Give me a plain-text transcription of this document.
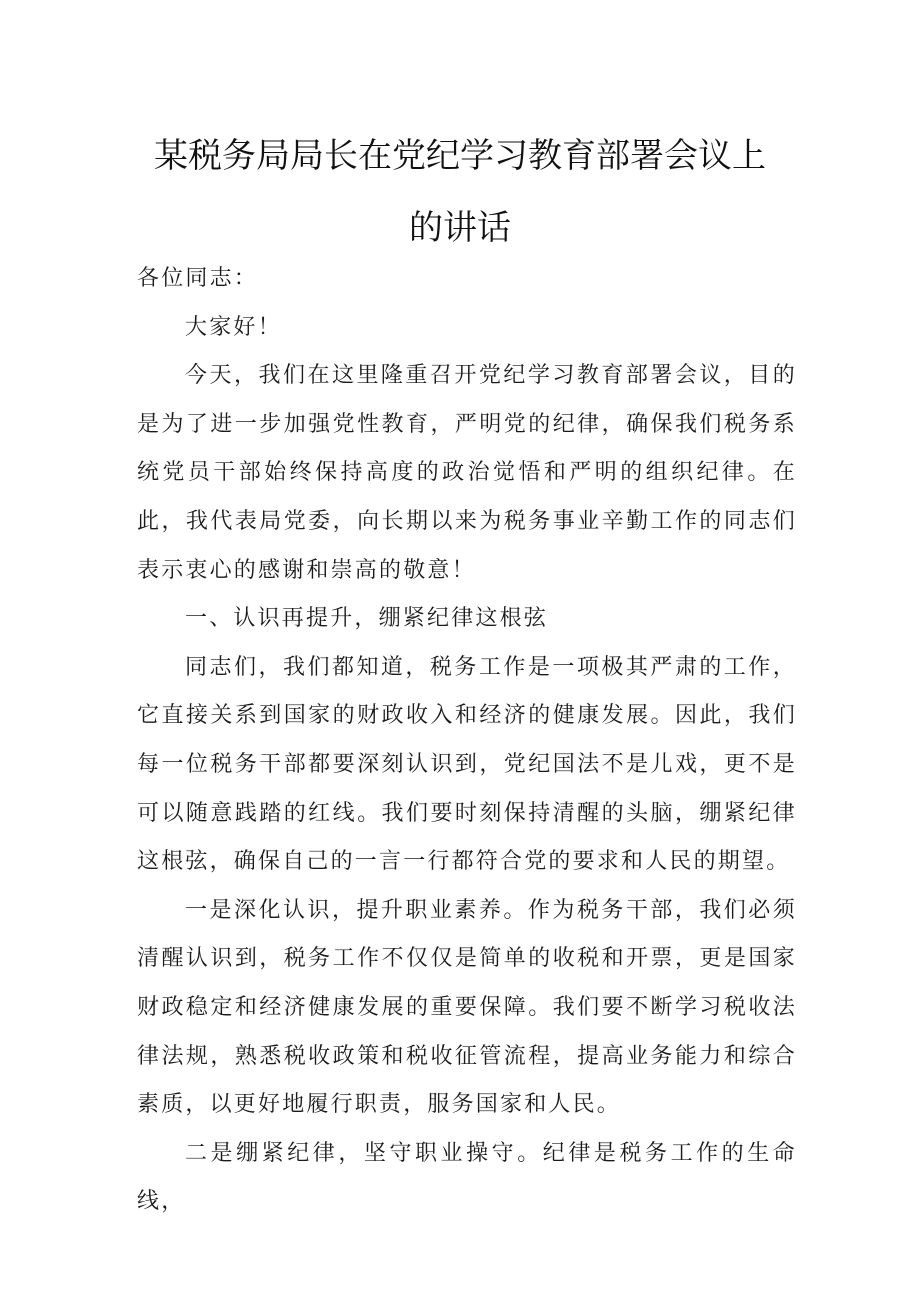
某税务局局长在党纪学习教育部署会议上
的讲话

各位同志：

大家好！

今天，我们在这里隆重召开党纪学习教育部署会议，目的是为了进一步加强党性教育，严明党的纪律，确保我们税务系统党员干部始终保持高度的政治觉悟和严明的组织纪律。在此，我代表局党委，向长期以来为税务事业辛勤工作的同志们表示衷心的感谢和崇高的敬意！

一、认识再提升，绷紧纪律这根弦

同志们，我们都知道，税务工作是一项极其严肃的工作，它直接关系到国家的财政收入和经济的健康发展。因此，我们每一位税务干部都要深刻认识到，党纪国法不是儿戏，更不是可以随意践踏的红线。我们要时刻保持清醒的头脑，绷紧纪律这根弦，确保自己的一言一行都符合党的要求和人民的期望。

一是深化认识，提升职业素养。作为税务干部，我们必须清醒认识到，税务工作不仅仅是简单的收税和开票，更是国家财政稳定和经济健康发展的重要保障。我们要不断学习税收法律法规，熟悉税收政策和税收征管流程，提高业务能力和综合素质，以更好地履行职责，服务国家和人民。

二是绷紧纪律，坚守职业操守。纪律是税务工作的生命线，
